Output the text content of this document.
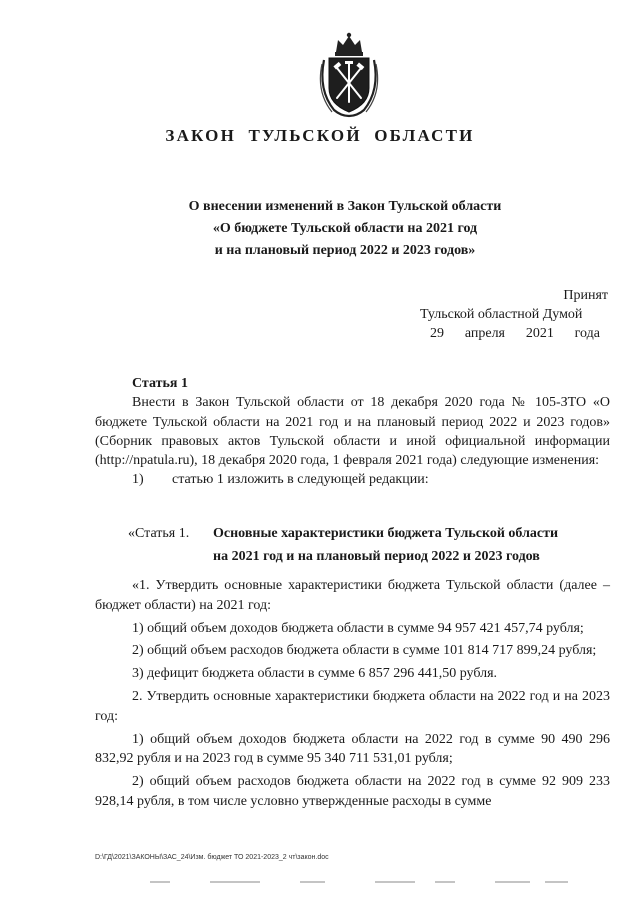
ЗАКОН ТУЛЬСКОЙ ОБЛАСТИ
О внесении изменений в Закон Тульской области
«О бюджете Тульской области на 2021 год
и на плановый период 2022 и 2023 годов»
Принят
Тульской областной Думой
29 апреля 2021 года

Статья 1

Внести в Закон Тульской области от 18 декабря 2020 года № 105-ЗТО «О бюджете Тульской области на 2021 год и на плановый период 2022 и 2023 годов» (Сборник правовых актов Тульской области и иной официальной информации (http://npatula.ru), 18 декабря 2020 года, 1 февраля 2021 года) следующие изменения:

1)	статью 1 изложить в следующей редакции:
«Статья 1. Основные характеристики бюджета Тульской области
на 2021 год и на плановый период 2022 и 2023 годов

«1. Утвердить основные характеристики бюджета Тульской области (далее – бюджет области) на 2021 год:

1) общий объем доходов бюджета области в сумме 94 957 421 457,74 рубля;

2) общий объем расходов бюджета области в сумме 101 814 717 899,24 рубля;

3) дефицит бюджета области в сумме 6 857 296 441,50 рубля.

2. Утвердить основные характеристики бюджета области на 2022 год и на 2023 год:

1) общий объем доходов бюджета области на 2022 год в сумме 90 490 296 832,92 рубля и на 2023 год в сумме 95 340 711 531,01 рубля;

2) общий объем расходов бюджета области на 2022 год в сумме 92 909 233 928,14 рубля, в том числе условно утвержденные расходы в сумме

D:\ГД\2021\ЗАКОНЫ\ЗАС_24\Изм. бюджет ТО 2021-2023_2 чт\закон.doc
